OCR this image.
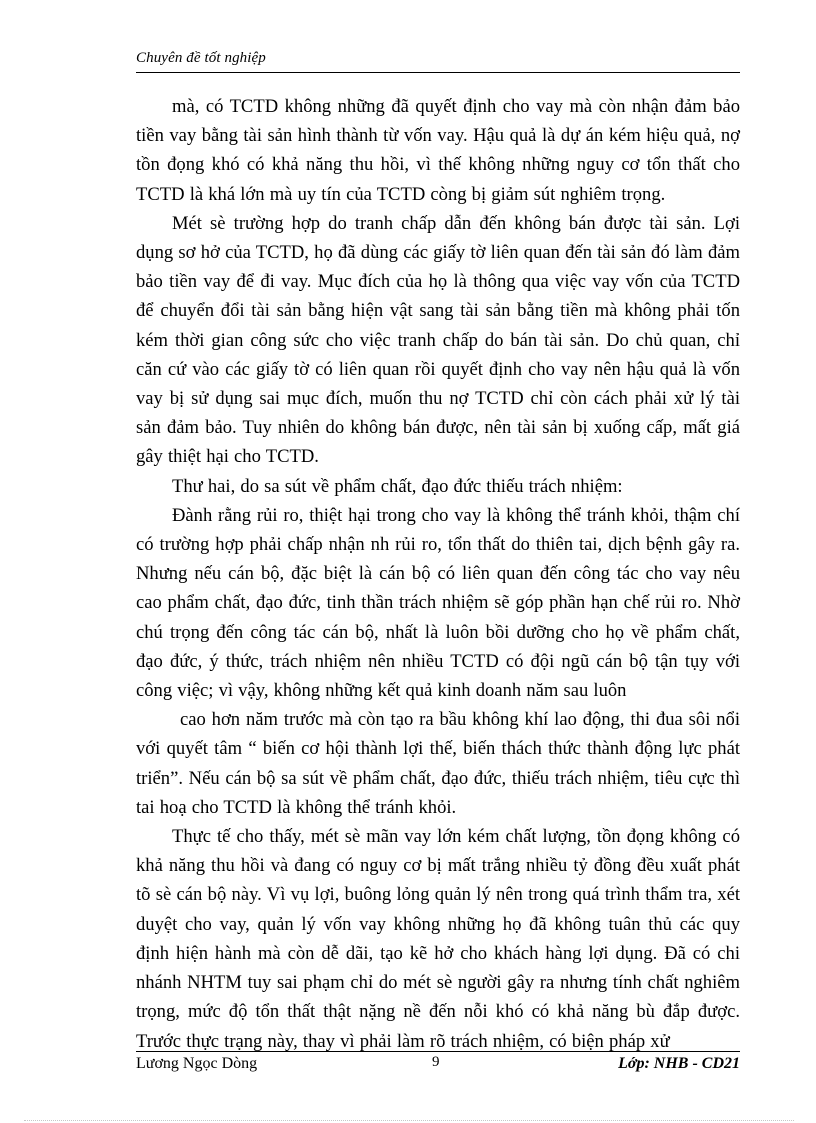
Chuyên đề tốt nghiệp

mà, có TCTD không những đã quyết định cho vay mà còn nhận đảm bảo tiền vay bằng tài sản hình thành từ vốn vay. Hậu quả là dự án kém hiệu quả, nợ tồn đọng khó có khả năng thu hồi, vì thế không những nguy cơ tổn thất cho TCTD là khá lớn mà uy tín của TCTD còng bị giảm sút nghiêm trọng.

Mét sè trường hợp do tranh chấp dẫn đến không bán được tài sản. Lợi dụng sơ hở của TCTD, họ đã dùng các giấy tờ liên quan đến tài sản đó làm đảm bảo tiền vay để đi vay. Mục đích của họ là thông qua việc vay vốn của TCTD để chuyển đổi tài sản bằng hiện vật sang tài sản bằng tiền mà không phải tốn kém thời gian công sức cho việc tranh chấp do bán tài sản. Do chủ quan, chỉ căn cứ vào các giấy tờ có liên quan rồi quyết định cho vay nên hậu quả là vốn vay bị sử dụng sai mục đích, muốn thu nợ TCTD chỉ còn cách phải xử lý tài sản đảm bảo. Tuy nhiên do không bán được, nên tài sản bị xuống cấp, mất giá gây thiệt hại cho TCTD.

Thư hai, do sa sút về phẩm chất, đạo đức thiếu trách nhiệm:

Đành rằng rủi ro, thiệt hại trong cho vay là không thể tránh khỏi, thậm chí có trường hợp phải chấp nhận nh rủi ro, tổn thất do thiên tai, dịch bệnh gây ra. Nhưng nếu cán bộ, đặc biệt là cán bộ có liên quan đến công tác cho vay nêu cao phẩm chất, đạo đức, tinh thần trách nhiệm sẽ góp phần hạn chế rủi ro. Nhờ chú trọng đến công tác cán bộ, nhất là luôn bồi dưỡng cho họ về phẩm chất, đạo đức, ý thức, trách nhiệm nên nhiều TCTD có đội ngũ cán bộ tận tụy với công việc; vì vậy, không những kết quả kinh doanh năm sau luôn

cao hơn năm trước mà còn tạo ra bầu không khí lao động, thi đua sôi nổi với quyết tâm “ biến cơ hội thành lợi thế, biến thách thức thành động lực phát triển”. Nếu cán bộ sa sút về phẩm chất, đạo đức, thiếu trách nhiệm, tiêu cực thì tai hoạ cho TCTD là không thể tránh khỏi.

Thực tế cho thấy, mét sè mãn vay lớn kém chất lượng, tồn đọng không có khả năng thu hồi và đang có nguy cơ bị mất trắng nhiều tỷ đồng đều xuất phát tõ sè cán bộ này. Vì vụ lợi, buông lỏng quản lý nên trong quá trình thẩm tra, xét duyệt cho vay, quản lý vốn vay không những họ đã không tuân thủ các quy định hiện hành mà còn dễ dãi, tạo kẽ hở cho khách hàng lợi dụng. Đã có chi nhánh NHTM tuy sai phạm chỉ do mét sè người gây ra nhưng tính chất nghiêm trọng, mức độ tổn thất thật nặng nề đến nỗi khó có khả năng bù đắp được. Trước thực trạng này, thay vì phải làm rõ trách nhiệm, có biện pháp xử

Lương Ngọc Dòng	9	Lớp: NHB - CD21
